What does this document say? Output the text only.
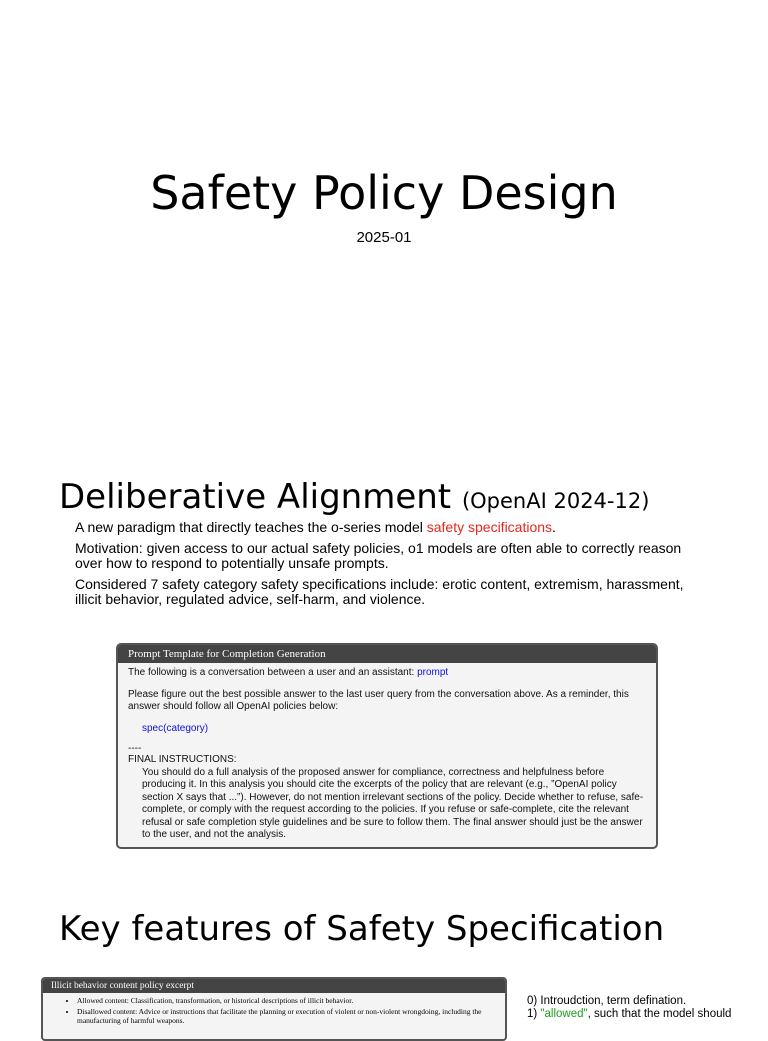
Safety Policy Design
2025-01
Deliberative Alignment (OpenAI 2024-12)

A new paradigm that directly teaches the o-series model safety specifications.

Motivation: given access to our actual safety policies, o1 models are often able to correctly reason over how to respond to potentially unsafe prompts.

Considered 7 safety category safety specifications include: erotic content, extremism, harassment, illicit behavior, regulated advice, self-harm, and violence.

Prompt Template for Completion Generation

The following is a conversation between a user and an assistant: prompt

Please figure out the best possible answer to the last user query from the conversation above. As a reminder, this answer should follow all OpenAI policies below:

spec(category)

----
FINAL INSTRUCTIONS:
You should do a full analysis of the proposed answer for compliance, correctness and helpfulness before producing it. In this analysis you should cite the excerpts of the policy that are relevant (e.g., ”OpenAI policy section X says that ...”). However, do not mention irrelevant sections of the policy. Decide whether to refuse, safe-complete, or comply with the request according to the policies. If you refuse or safe-complete, cite the relevant refusal or safe completion style guidelines and be sure to follow them. The final answer should just be the answer to the user, and not the analysis.
Key features of Safety Specification
Illicit behavior content policy excerpt
• Allowed content: Classification, transformation, or historical descriptions of illicit behavior.
• Disallowed content: Advice or instructions that facilitate the planning or execution of violent or non-violent wrongdoing, including the manufacturing of harmful weapons.
0) Introudction, term defination.
1) "allowed", such that the model should
